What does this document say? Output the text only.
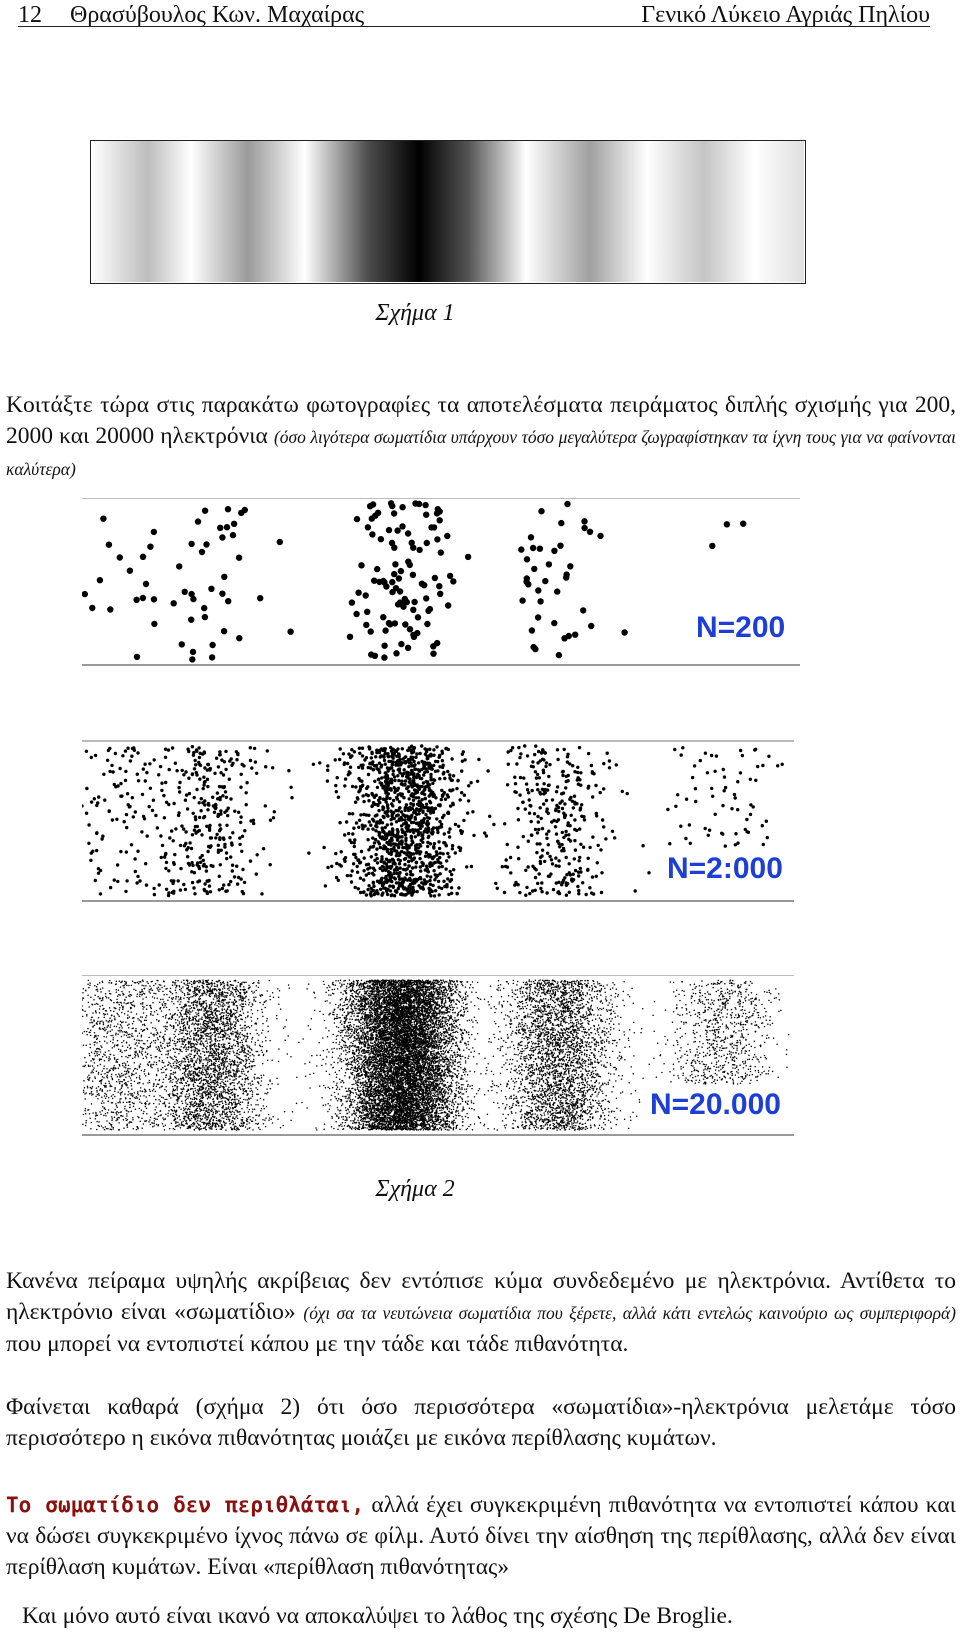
12 Θρασύβουλος Κων. Μαχαίρας	Γενικό Λύκειο Αγριάς Πηλίου
Σχήμα 1
Κοιτάξτε τώρα στις παρακάτω φωτογραφίες τα αποτελέσματα πειράματος διπλής σχισμής για 200, 2000 και 20000 ηλεκτρόνια (όσο λιγότερα σωματίδια υπάρχουν τόσο μεγαλύτερα ζωγραφίστηκαν τα ίχνη τους για να φαίνονται καλύτερα)
N=200
N=2:000
N=20.000
Σχήμα 2
Κανένα πείραμα υψηλής ακρίβειας δεν εντόπισε κύμα συνδεδεμένο με ηλεκτρόνια. Αντίθετα το ηλεκτρόνιο είναι «σωματίδιο» (όχι σα τα νευτώνεια σωματίδια που ξέρετε, αλλά κάτι εντελώς καινούριο ως συμπεριφορά) που μπορεί να εντοπιστεί κάπου με την τάδε και τάδε πιθανότητα.
Φαίνεται καθαρά (σχήμα 2) ότι όσο περισσότερα «σωματίδια»-ηλεκτρόνια μελετάμε τόσο περισσότερο η εικόνα πιθανότητας μοιάζει με εικόνα περίθλασης κυμάτων.
Το σωματίδιο δεν περιθλάται, αλλά έχει συγκεκριμένη πιθανότητα να εντοπιστεί κάπου και να δώσει συγκεκριμένο ίχνος πάνω σε φίλμ. Αυτό δίνει την αίσθηση της περίθλασης, αλλά δεν είναι περίθλαση κυμάτων. Είναι «περίθλαση πιθανότητας»
Και μόνο αυτό είναι ικανό να αποκαλύψει το λάθος της σχέσης De Broglie.
